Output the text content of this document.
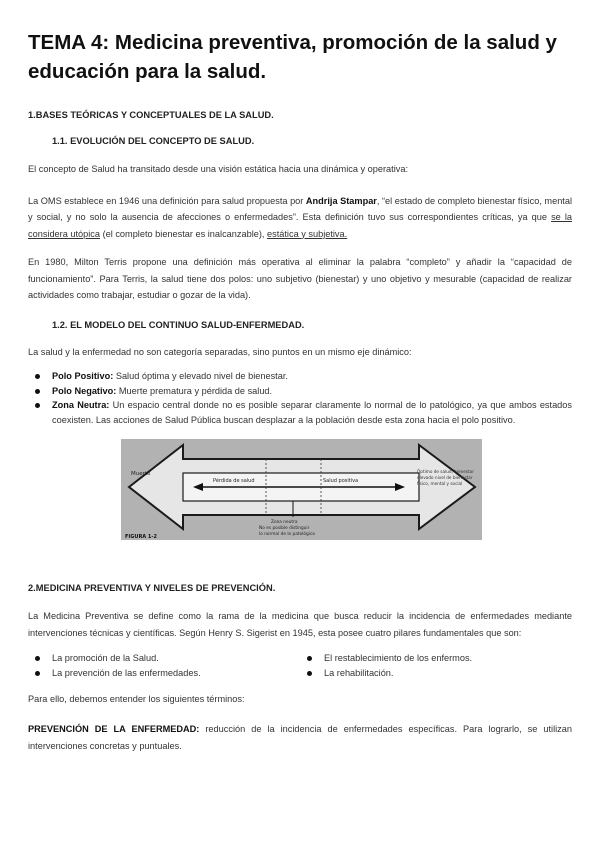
TEMA 4: Medicina preventiva, promoción de la salud y educación para la salud.
1.BASES TEÓRICAS Y CONCEPTUALES DE LA SALUD.
1.1. EVOLUCIÓN DEL CONCEPTO DE SALUD.

El concepto de Salud ha transitado desde una visión estática hacia una dinámica y operativa:

La OMS establece en 1946 una definición para salud propuesta por Andrija Stampar, “el estado de completo bienestar físico, mental y social, y no solo la ausencia de afecciones o enfermedades”. Esta definición tuvo sus correspondientes críticas, ya que se la considera utópica (el completo bienestar es inalcanzable), estática y subjetiva.

En 1980, Milton Terris propone una definición más operativa al eliminar la palabra “completo” y añadir la “capacidad de funcionamiento”. Para Terris, la salud tiene dos polos: uno subjetivo (bienestar) y uno objetivo y mesurable (capacidad de realizar actividades como trabajar, estudiar o gozar de la vida).

1.2. EL MODELO DEL CONTINUO SALUD-ENFERMEDAD.

La salud y la enfermedad no son categoría separadas, sino puntos en un mismo eje dinámico:

Polo Positivo: Salud óptima y elevado nivel de bienestar.
Polo Negativo: Muerte prematura y pérdida de salud.
Zona Neutra: Un espacio central donde no es posible separar claramente lo normal de lo patológico, ya que ambos estados coexisten. Las acciones de Salud Pública buscan desplazar a la población desde esta zona hacia el polo positivo.
Muerte
Pérdida de salud	Salud positiva
Óptimo de salud, bienestar
elevado nivel de bienestar
físico, mental y social
Zona neutra
No es posible distinguir
lo normal de lo patológico
FIGURA 1-2
2.MEDICINA PREVENTIVA Y NIVELES DE PREVENCIÓN.

La Medicina Preventiva se define como la rama de la medicina que busca reducir la incidencia de enfermedades mediante intervenciones técnicas y científicas. Según Henry S. Sigerist en 1945, esta posee cuatro pilares fundamentales que son:

La promoción de la Salud.
La prevención de las enfermedades.
El restablecimiento de los enfermos.
La rehabilitación.

Para ello, debemos entender los siguientes términos:

PREVENCIÓN DE LA ENFERMEDAD: reducción de la incidencia de enfermedades específicas. Para lograrlo, se utilizan intervenciones concretas y puntuales.
